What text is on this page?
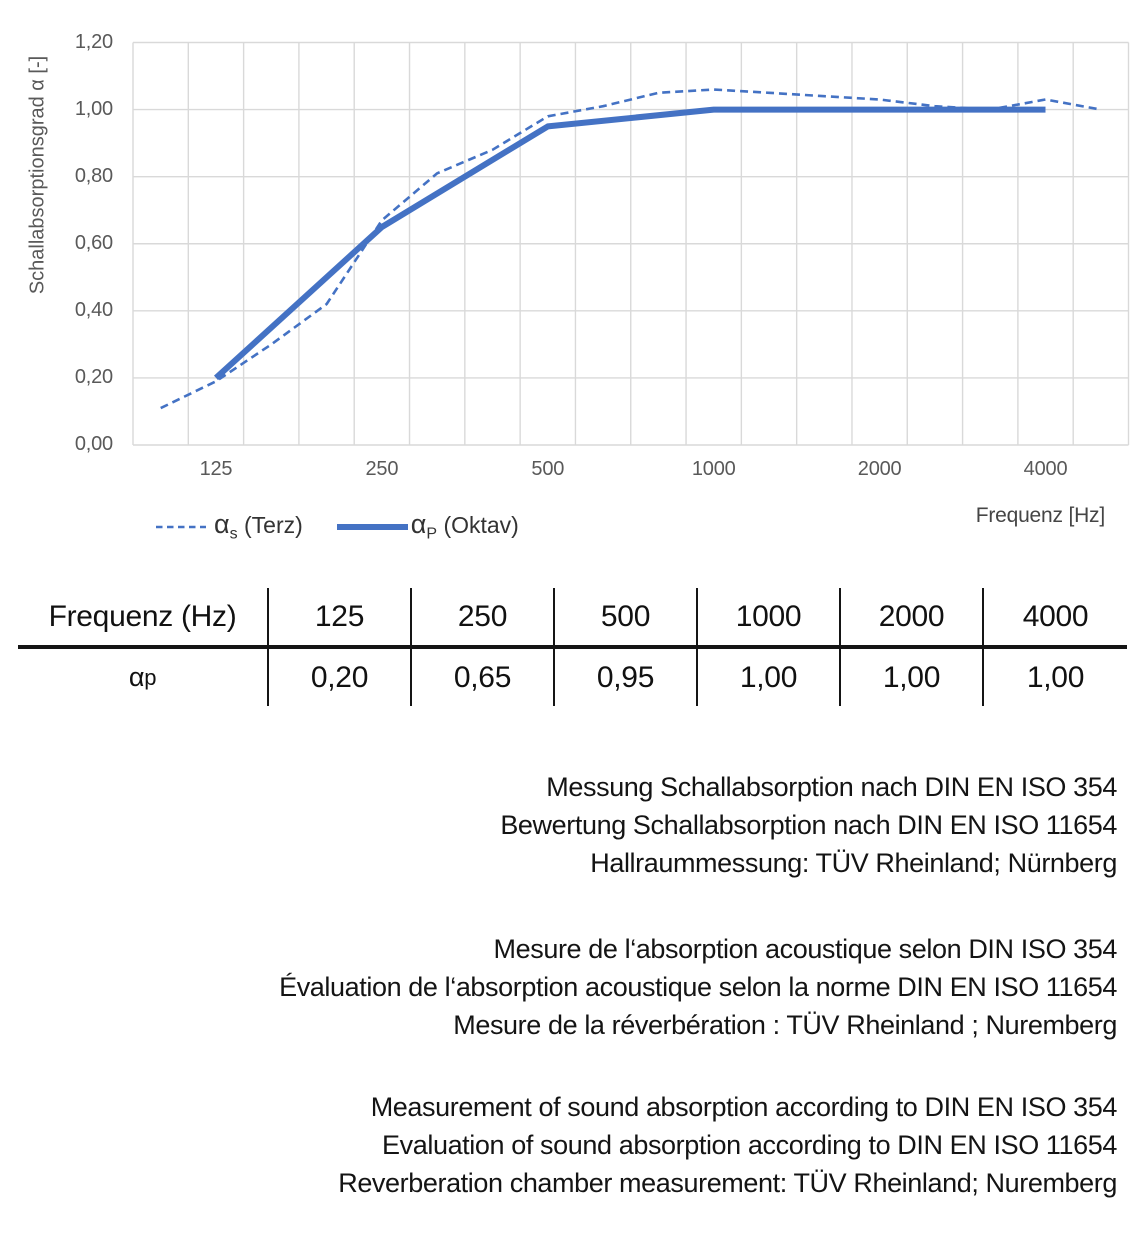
Schallabsorptionsgrad α [-]
Frequenz [Hz]
$\alpha_s$ (Terz)	$\alpha_P$ (Oktav)
1,20
1,00
0,80
0,60
0,40
0,20
0,00
125	250	500	1000	2000	4000
Frequenz (Hz)	125	250	500	1000	2000	4000
α p	0,20	0,65	0,95	1,00	1,00	1,00
Messung Schallabsorption nach DIN EN ISO 354
Bewertung Schallabsorption nach DIN EN ISO 11654
Hallraummessung: TÜV Rheinland; Nürnberg
Mesure de l‘absorption acoustique selon DIN ISO 354
Évaluation de l‘absorption acoustique selon la norme DIN EN ISO 11654
Mesure de la réverbération : TÜV Rheinland ; Nuremberg
Measurement of sound absorption according to DIN EN ISO 354
Evaluation of sound absorption according to DIN EN ISO 11654
Reverberation chamber measurement: TÜV Rheinland; Nuremberg
